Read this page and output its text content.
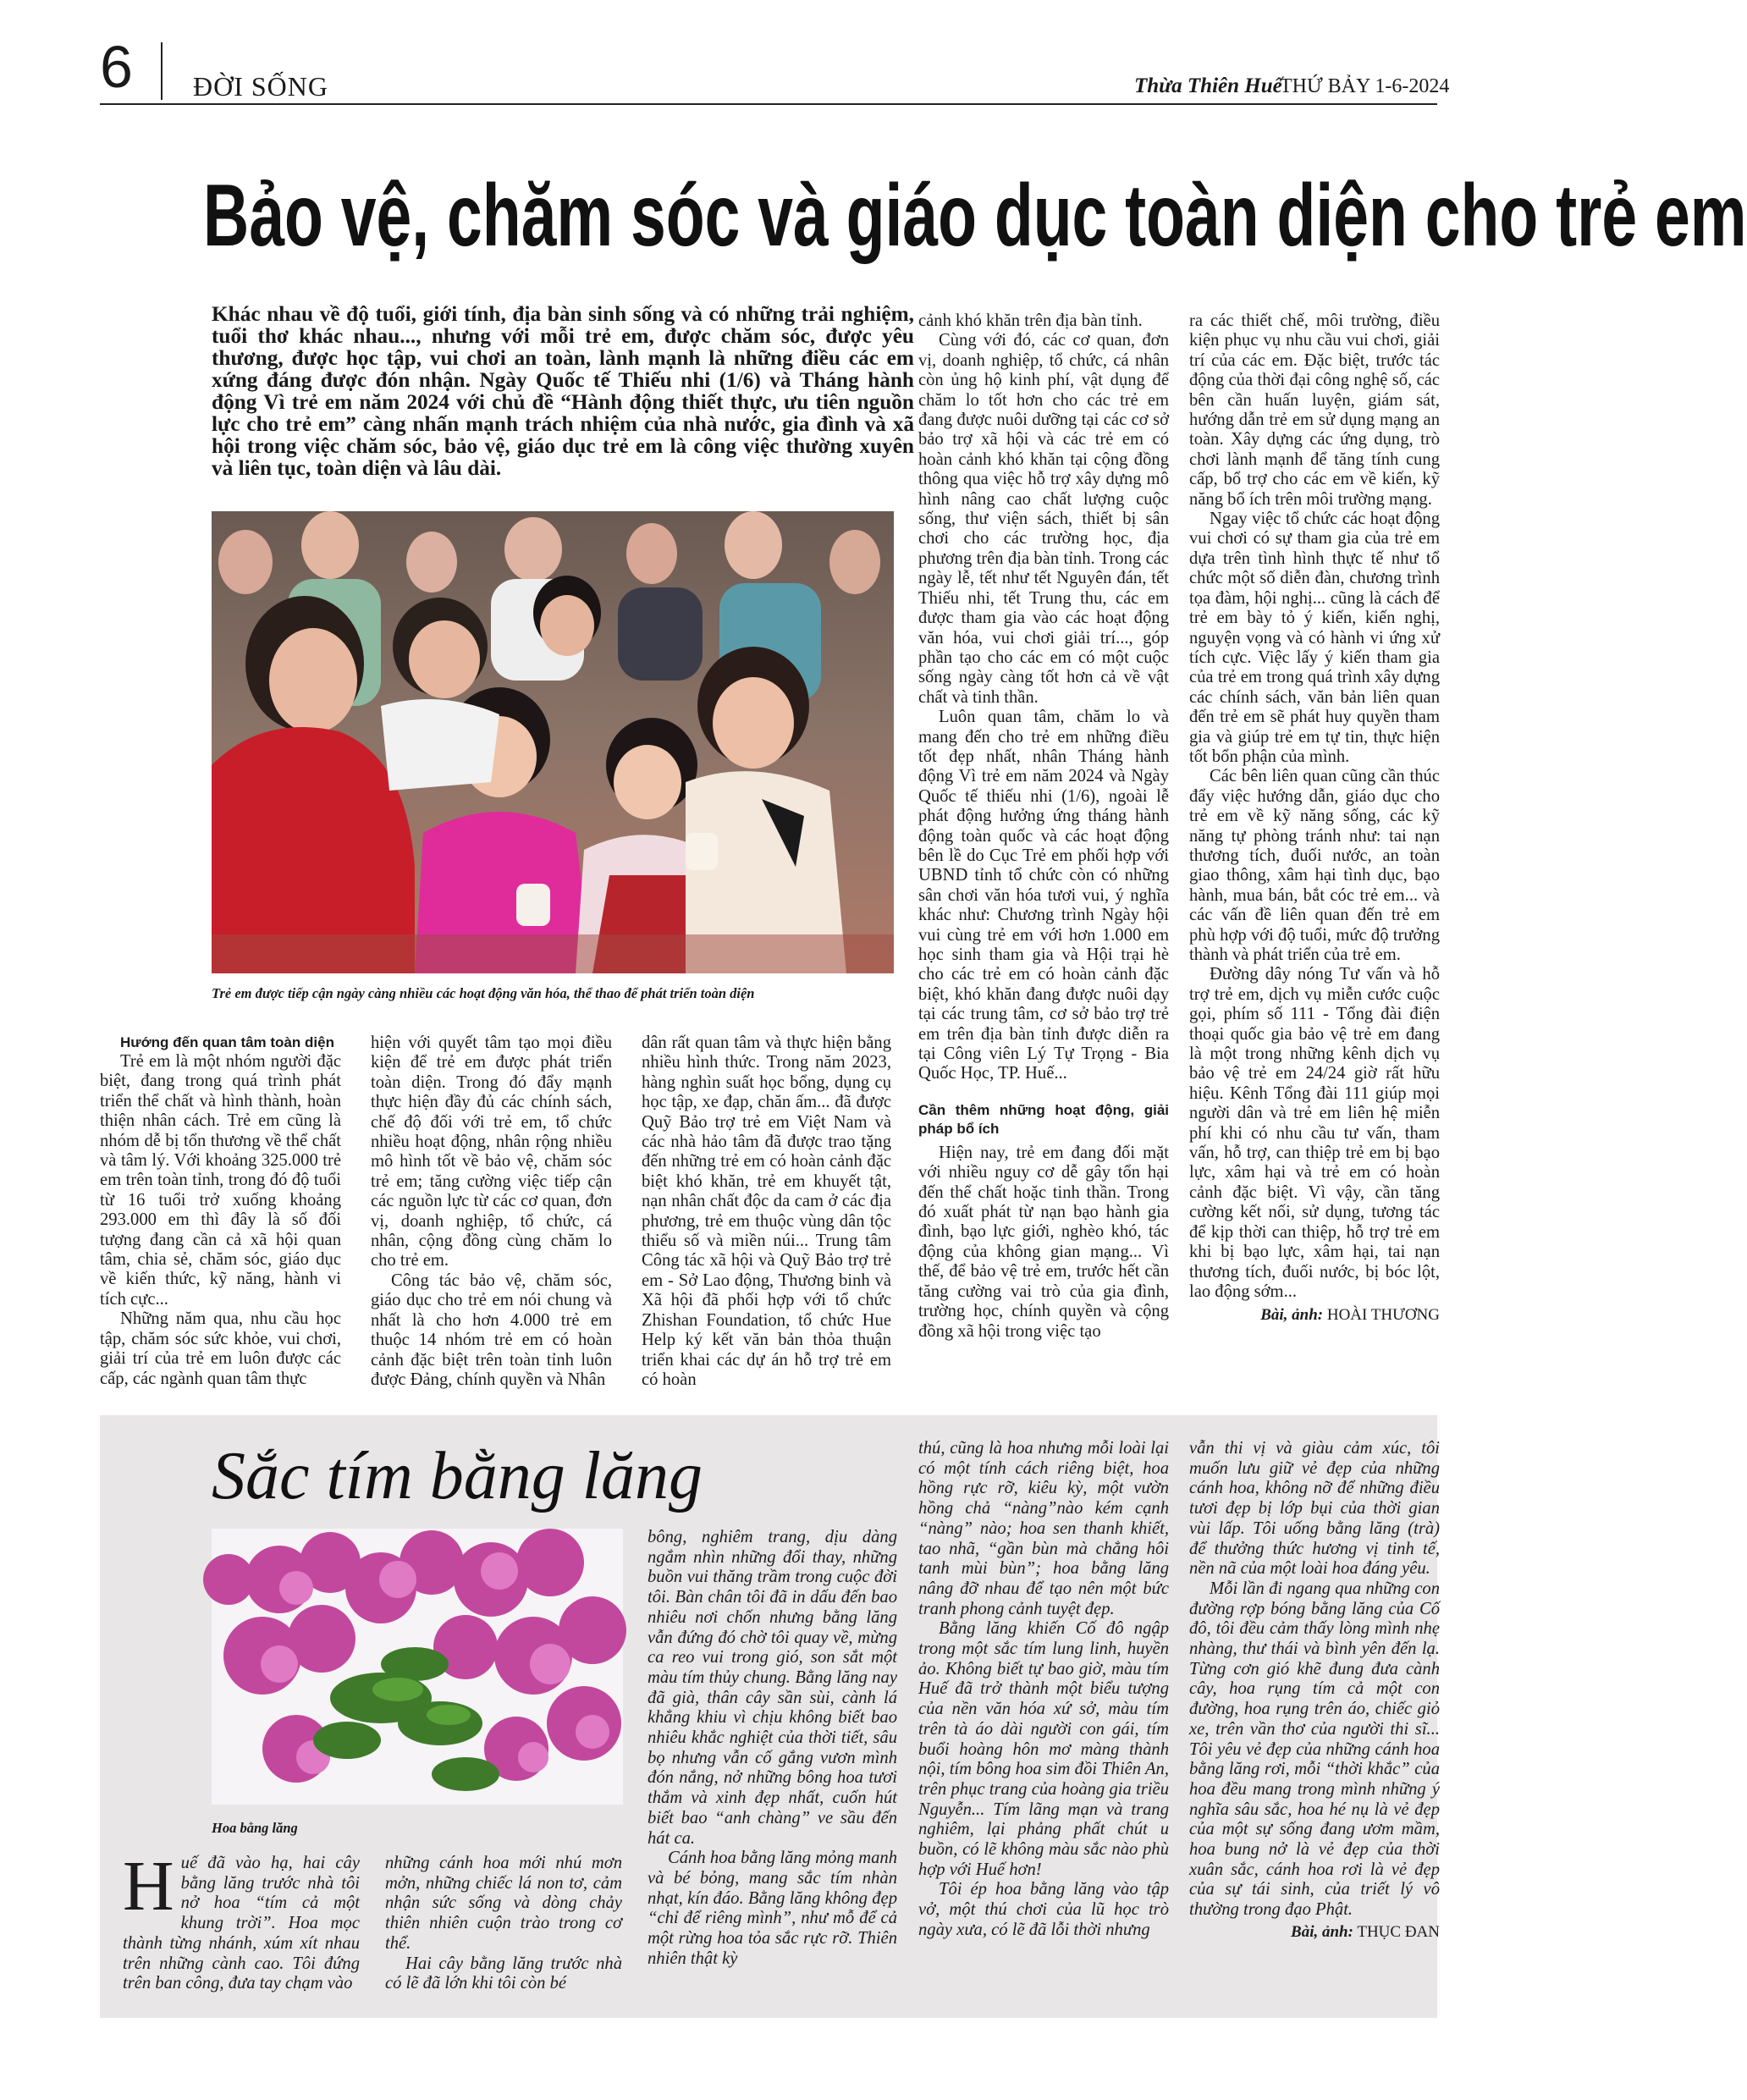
6 ĐỜI SỐNG	Thừa Thiên Huế
THỨ BẢY 1-6-2024
Bảo vệ, chăm sóc và giáo dục toàn diện cho trẻ em
Khác nhau về độ tuổi, giới tính, địa bàn sinh sống và có những trải nghiệm, tuổi thơ khác nhau..., nhưng với mỗi trẻ em, được chăm sóc, được yêu thương, được học tập, vui chơi an toàn, lành mạnh là những điều các em xứng đáng được đón nhận. Ngày Quốc tế Thiếu nhi (1/6) và Tháng hành động Vì trẻ em năm 2024 với chủ đề “Hành động thiết thực, ưu tiên nguồn lực cho trẻ em” càng nhấn mạnh trách nhiệm của nhà nước, gia đình và xã hội trong việc chăm sóc, bảo vệ, giáo dục trẻ em là công việc thường xuyên và liên tục, toàn diện và lâu dài.
Trẻ em được tiếp cận ngày càng nhiều các hoạt động văn hóa, thể thao để phát triển toàn diện

Hướng đến quan tâm toàn diện

Trẻ em là một nhóm người đặc biệt, đang trong quá trình phát triển thể chất và hình thành, hoàn thiện nhân cách. Trẻ em cũng là nhóm dễ bị tổn thương về thể chất và tâm lý. Với khoảng 325.000 trẻ em trên toàn tỉnh, trong đó độ tuổi từ 16 tuổi trở xuống khoảng 293.000 em thì đây là số đối tượng đang cần cả xã hội quan tâm, chia sẻ, chăm sóc, giáo dục về kiến thức, kỹ năng, hành vi tích cực...

Những năm qua, nhu cầu học tập, chăm sóc sức khỏe, vui chơi, giải trí của trẻ em luôn được các cấp, các ngành quan tâm thực

hiện với quyết tâm tạo mọi điều kiện để trẻ em được phát triển toàn diện. Trong đó đẩy mạnh thực hiện đầy đủ các chính sách, chế độ đối với trẻ em, tổ chức nhiều hoạt động, nhân rộng nhiều mô hình tốt về bảo vệ, chăm sóc trẻ em; tăng cường việc tiếp cận các nguồn lực từ các cơ quan, đơn vị, doanh nghiệp, tổ chức, cá nhân, cộng đồng cùng chăm lo cho trẻ em.

Công tác bảo vệ, chăm sóc, giáo dục cho trẻ em nói chung và nhất là cho hơn 4.000 trẻ em thuộc 14 nhóm trẻ em có hoàn cảnh đặc biệt trên toàn tỉnh luôn được Đảng, chính quyền và Nhân

dân rất quan tâm và thực hiện bằng nhiều hình thức. Trong năm 2023, hàng nghìn suất học bổng, dụng cụ học tập, xe đạp, chăn ấm... đã được Quỹ Bảo trợ trẻ em Việt Nam và các nhà hảo tâm đã được trao tặng đến những trẻ em có hoàn cảnh đặc biệt khó khăn, trẻ em khuyết tật, nạn nhân chất độc da cam ở các địa phương, trẻ em thuộc vùng dân tộc thiểu số và miền núi... Trung tâm Công tác xã hội và Quỹ Bảo trợ trẻ em - Sở Lao động, Thương binh và Xã hội đã phối hợp với tổ chức Zhishan Foundation, tổ chức Hue Help ký kết văn bản thỏa thuận triển khai các dự án hỗ trợ trẻ em có hoàn

cảnh khó khăn trên địa bàn tỉnh.

Cùng với đó, các cơ quan, đơn vị, doanh nghiệp, tổ chức, cá nhân còn ủng hộ kinh phí, vật dụng để chăm lo tốt hơn cho các trẻ em đang được nuôi dưỡng tại các cơ sở bảo trợ xã hội và các trẻ em có hoàn cảnh khó khăn tại cộng đồng thông qua việc hỗ trợ xây dựng mô hình nâng cao chất lượng cuộc sống, thư viện sách, thiết bị sân chơi cho các trường học, địa phương trên địa bàn tỉnh. Trong các ngày lễ, tết như tết Nguyên đán, tết Thiếu nhi, tết Trung thu, các em được tham gia vào các hoạt động văn hóa, vui chơi giải trí..., góp phần tạo cho các em có một cuộc sống ngày càng tốt hơn cả về vật chất và tinh thần.

Luôn quan tâm, chăm lo và mang đến cho trẻ em những điều tốt đẹp nhất, nhân Tháng hành động Vì trẻ em năm 2024 và Ngày Quốc tế thiếu nhi (1/6), ngoài lễ phát động hưởng ứng tháng hành động toàn quốc và các hoạt động bên lề do Cục Trẻ em phối hợp với UBND tỉnh tổ chức còn có những sân chơi văn hóa tươi vui, ý nghĩa khác như: Chương trình Ngày hội vui cùng trẻ em với hơn 1.000 em học sinh tham gia và Hội trại hè cho các trẻ em có hoàn cảnh đặc biệt, khó khăn đang được nuôi dạy tại các trung tâm, cơ sở bảo trợ trẻ em trên địa bàn tỉnh được diễn ra tại Công viên Lý Tự Trọng - Bia Quốc Học, TP. Huế...

Cần thêm những hoạt động, giải pháp bổ ích

Hiện nay, trẻ em đang đối mặt với nhiều nguy cơ dễ gây tổn hại đến thể chất hoặc tinh thần. Trong đó xuất phát từ nạn bạo hành gia đình, bạo lực giới, nghèo khó, tác động của không gian mạng... Vì thế, để bảo vệ trẻ em, trước hết cần tăng cường vai trò của gia đình, trường học, chính quyền và cộng đồng xã hội trong việc tạo

ra các thiết chế, môi trường, điều kiện phục vụ nhu cầu vui chơi, giải trí của các em. Đặc biệt, trước tác động của thời đại công nghệ số, các bên cần huấn luyện, giám sát, hướng dẫn trẻ em sử dụng mạng an toàn. Xây dựng các ứng dụng, trò chơi lành mạnh để tăng tính cung cấp, bổ trợ cho các em về kiến, kỹ năng bổ ích trên môi trường mạng.

Ngay việc tổ chức các hoạt động vui chơi có sự tham gia của trẻ em dựa trên tình hình thực tế như tổ chức một số diễn đàn, chương trình tọa đàm, hội nghị... cũng là cách để trẻ em bày tỏ ý kiến, kiến nghị, nguyện vọng và có hành vi ứng xử tích cực. Việc lấy ý kiến tham gia của trẻ em trong quá trình xây dựng các chính sách, văn bản liên quan đến trẻ em sẽ phát huy quyền tham gia và giúp trẻ em tự tin, thực hiện tốt bổn phận của mình.

Các bên liên quan cũng cần thúc đẩy việc hướng dẫn, giáo dục cho trẻ em về kỹ năng sống, các kỹ năng tự phòng tránh như: tai nạn thương tích, đuối nước, an toàn giao thông, xâm hại tình dục, bạo hành, mua bán, bắt cóc trẻ em... và các vấn đề liên quan đến trẻ em phù hợp với độ tuổi, mức độ trưởng thành và phát triển của trẻ em.

Đường dây nóng Tư vấn và hỗ trợ trẻ em, dịch vụ miễn cước cuộc gọi, phím số 111 - Tổng đài điện thoại quốc gia bảo vệ trẻ em đang là một trong những kênh dịch vụ bảo vệ trẻ em 24/24 giờ rất hữu hiệu. Kênh Tổng đài 111 giúp mọi người dân và trẻ em liên hệ miễn phí khi có nhu cầu tư vấn, tham vấn, hỗ trợ, can thiệp trẻ em bị bạo lực, xâm hại và trẻ em có hoàn cảnh đặc biệt. Vì vậy, cần tăng cường kết nối, sử dụng, tương tác để kịp thời can thiệp, hỗ trợ trẻ em khi bị bạo lực, xâm hại, tai nạn thương tích, đuối nước, bị bóc lột, lao động sớm...

Bài, ảnh: HOÀI THƯƠNG
Sắc tím bằng lăng
Hoa bằng lăng

H uế đã vào hạ, hai cây bằng lăng trước nhà tôi nở hoa “tím cả một khung trời”. Hoa mọc thành từng nhánh, xúm xít nhau trên những cành cao. Tôi đứng trên ban công, đưa tay chạm vào

những cánh hoa mới nhú mơn mởn, những chiếc lá non tơ, cảm nhận sức sống và dòng chảy thiên nhiên cuộn trào trong cơ thể.

Hai cây bằng lăng trước nhà có lẽ đã lớn khi tôi còn bé

bông, nghiêm trang, dịu dàng ngắm nhìn những đổi thay, những buồn vui thăng trầm trong cuộc đời tôi. Bàn chân tôi đã in dấu đến bao nhiêu nơi chốn nhưng bằng lăng vẫn đứng đó chờ tôi quay về, mừng ca reo vui trong gió, son sắt một màu tím thủy chung. Bằng lăng nay đã già, thân cây sần sùi, cành lá khẳng khiu vì chịu không biết bao nhiêu khắc nghiệt của thời tiết, sâu bọ nhưng vẫn cố gắng vươn mình đón nắng, nở những bông hoa tươi thắm và xinh đẹp nhất, cuốn hút biết bao “anh chàng” ve sầu đến hát ca.

Cánh hoa bằng lăng mỏng manh và bé bỏng, mang sắc tím nhàn nhạt, kín đáo. Bằng lăng không đẹp “chỉ để riêng mình”, như mỗ để cả một rừng hoa tỏa sắc rực rỡ. Thiên nhiên thật kỳ

thú, cũng là hoa nhưng mỗi loài lại có một tính cách riêng biệt, hoa hồng rực rỡ, kiêu kỳ, một vườn hồng chả “nàng”nào kém cạnh “nàng” nào; hoa sen thanh khiết, tao nhã, “gần bùn mà chẳng hôi tanh mùi bùn”; hoa bằng lăng nâng đỡ nhau để tạo nên một bức tranh phong cảnh tuyệt đẹp.

Bằng lăng khiến Cố đô ngập trong một sắc tím lung linh, huyền ảo. Không biết tự bao giờ, màu tím Huế đã trở thành một biểu tượng của nền văn hóa xứ sở, màu tím trên tà áo dài người con gái, tím buổi hoàng hôn mơ màng thành nội, tím bông hoa sim đồi Thiên An, trên phục trang của hoàng gia triều Nguyễn... Tím lãng mạn và trang nghiêm, lại phảng phất chút u buồn, có lẽ không màu sắc nào phù hợp với Huế hơn!

Tôi ép hoa bằng lăng vào tập vở, một thú chơi của lũ học trò ngày xưa, có lẽ đã lỗi thời nhưng

vẫn thi vị và giàu cảm xúc, tôi muốn lưu giữ vẻ đẹp của những cánh hoa, không nỡ để những điều tươi đẹp bị lớp bụi của thời gian vùi lấp. Tôi uống bằng lăng (trà) để thưởng thức hương vị tinh tế, nền nã của một loài hoa đáng yêu.

Mỗi lần đi ngang qua những con đường rợp bóng bằng lăng của Cố đô, tôi đều cảm thấy lòng mình nhẹ nhàng, thư thái và bình yên đến lạ. Từng cơn gió khẽ đung đưa cành cây, hoa rụng tím cả một con đường, hoa rụng trên áo, chiếc giỏ xe, trên vần thơ của người thi sĩ... Tôi yêu vẻ đẹp của những cánh hoa bằng lăng rơi, mỗi “thời khắc” của hoa đều mang trong mình những ý nghĩa sâu sắc, hoa hé nụ là vẻ đẹp của một sự sống đang ươm mầm, hoa bung nở là vẻ đẹp của thời xuân sắc, cánh hoa rơi là vẻ đẹp của sự tái sinh, của triết lý vô thường trong đạo Phật.

Bài, ảnh: THỤC ĐAN
